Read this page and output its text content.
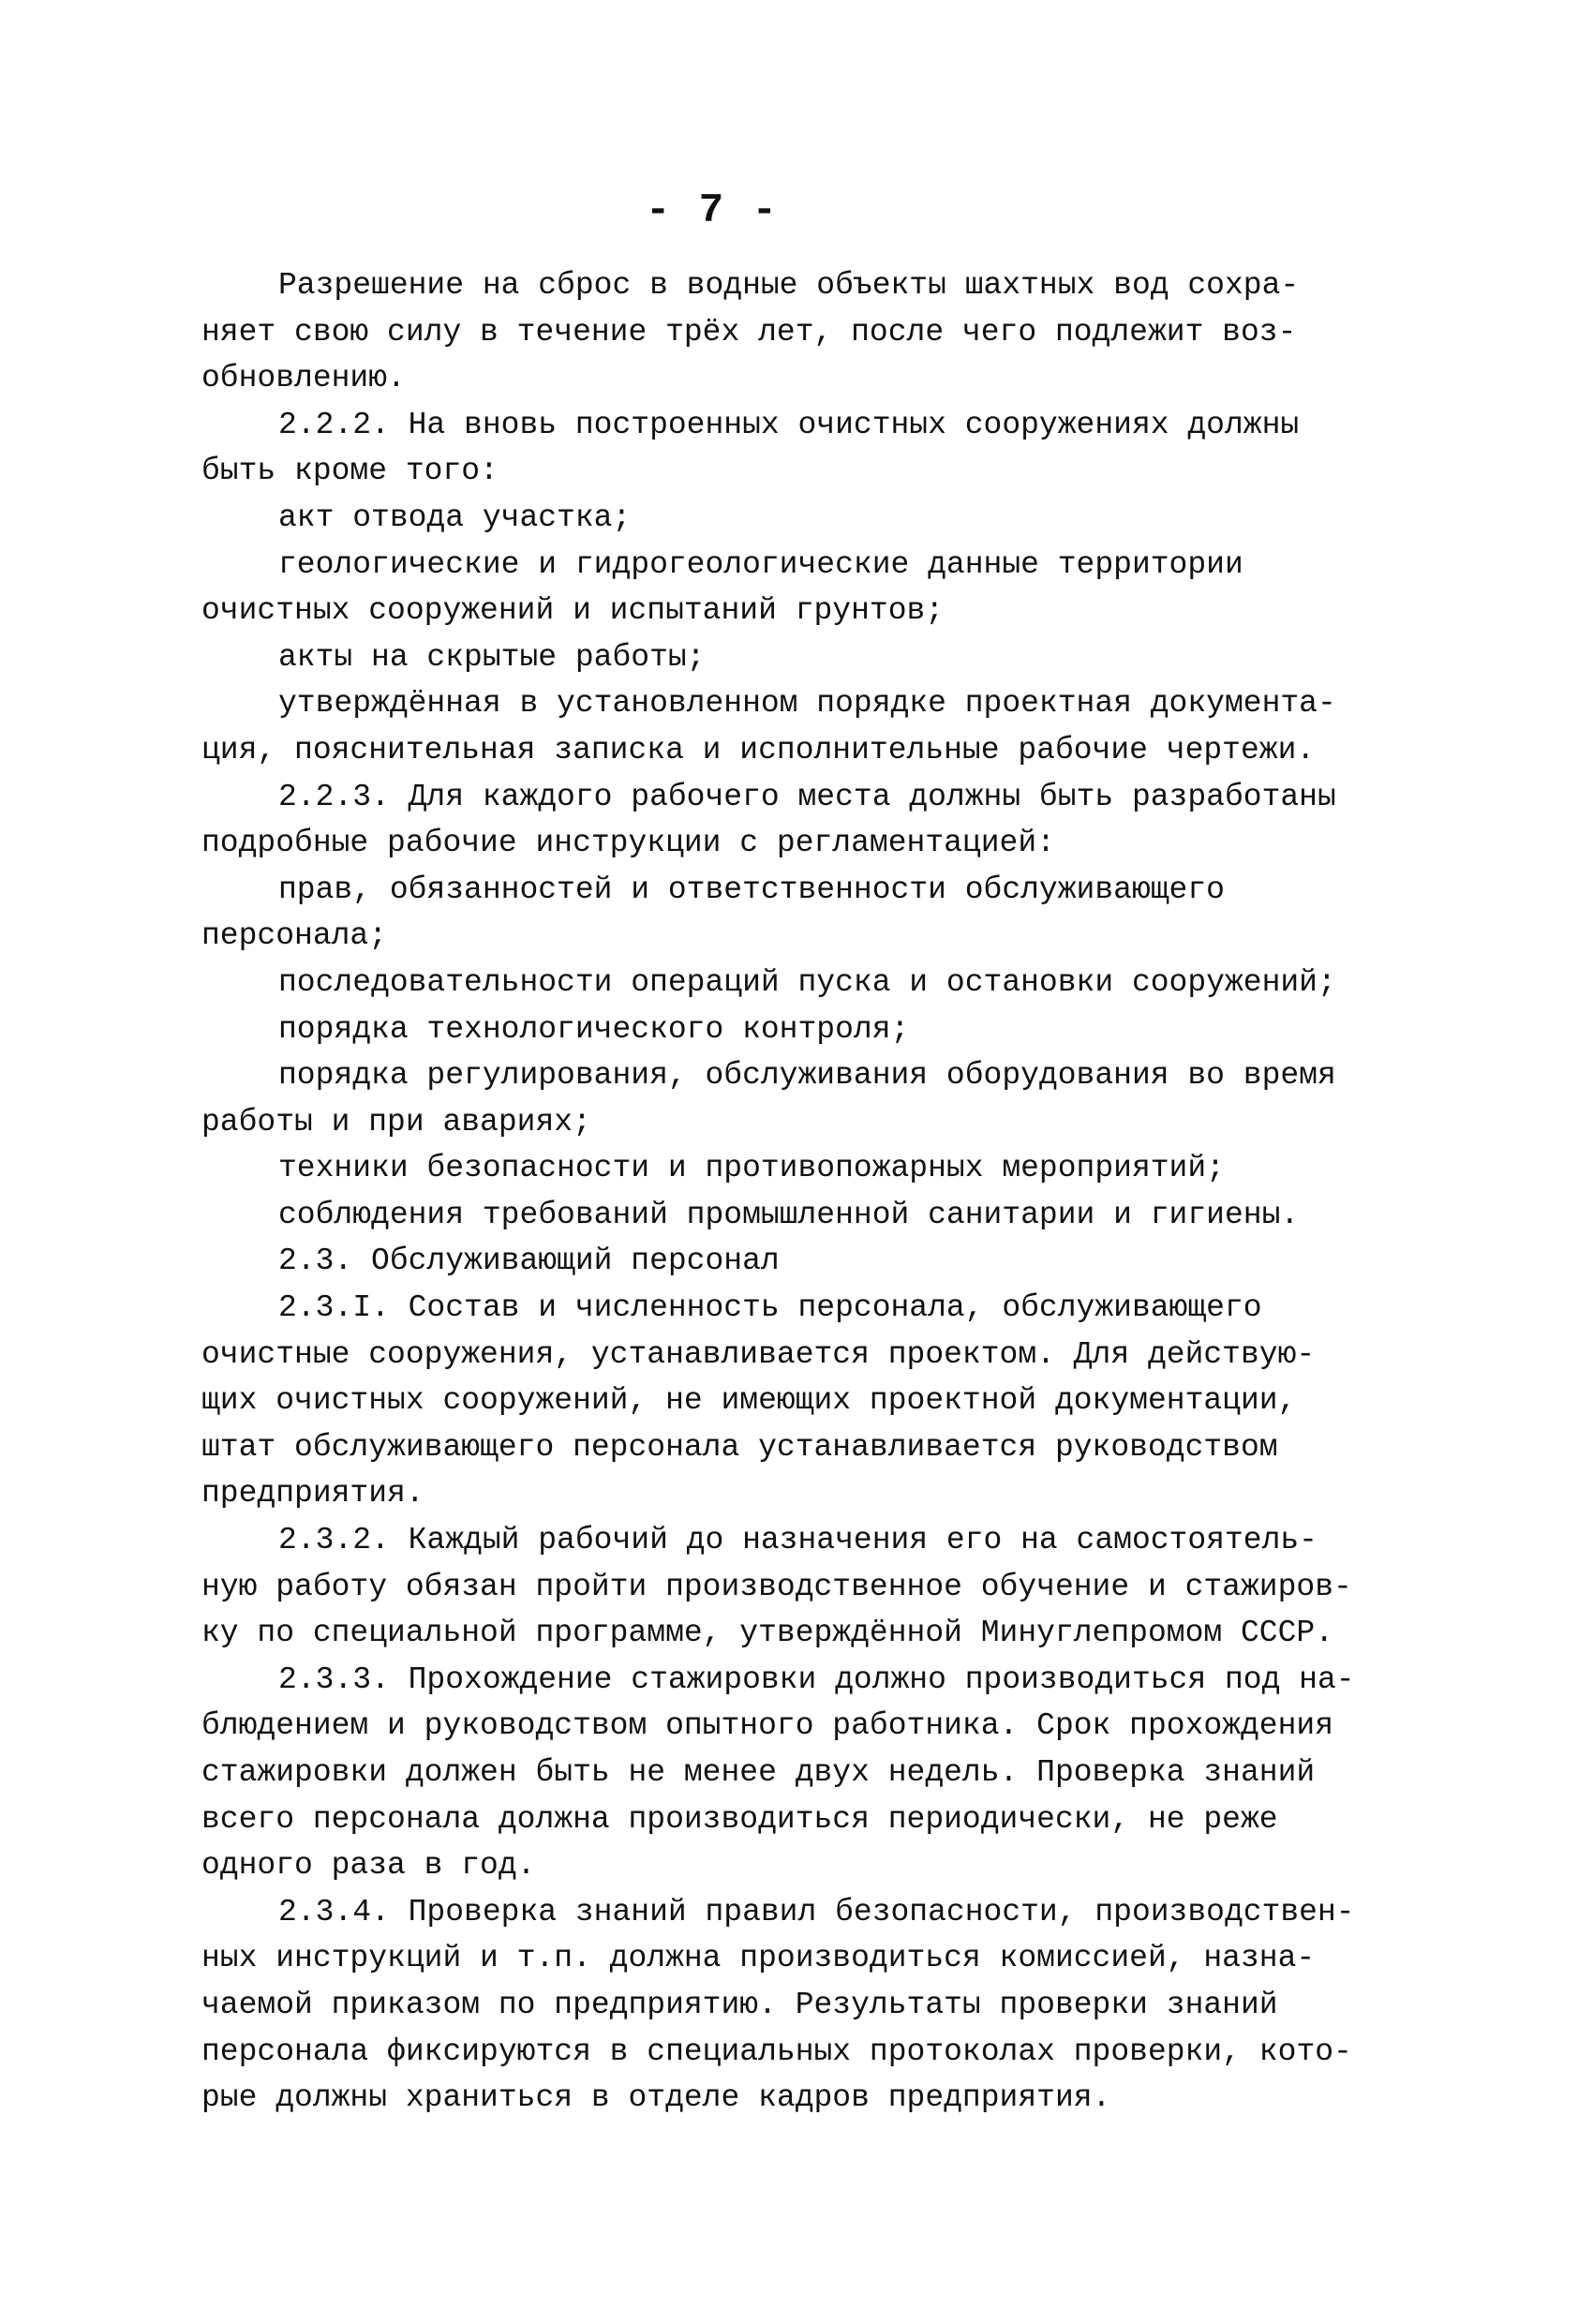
- 7 -
Разрешение на сброс в водные объекты шахтных вод сохра-
няет свою силу в течение трёх лет, после чего подлежит воз-
обновлению.
2.2.2. На вновь построенных очистных сооружениях должны
быть кроме того:
акт отвода участка;
геологические и гидрогеологические данные территории
очистных сооружений и испытаний грунтов;
акты на скрытые работы;
утверждённая в установленном порядке проектная документа-
ция, пояснительная записка и исполнительные рабочие чертежи.
2.2.3. Для каждого рабочего места должны быть разработаны
подробные рабочие инструкции с регламентацией:
прав, обязанностей и ответственности обслуживающего
персонала;
последовательности операций пуска и остановки сооружений;
порядка технологического контроля;
порядка регулирования, обслуживания оборудования во время
работы и при авариях;
техники безопасности и противопожарных мероприятий;
соблюдения требований промышленной санитарии и гигиены.
2.3. Обслуживающий персонал
2.3.I. Состав и численность персонала, обслуживающего
очистные сооружения, устанавливается проектом. Для действую-
щих очистных сооружений, не имеющих проектной документации,
штат обслуживающего персонала устанавливается руководством
предприятия.
2.3.2. Каждый рабочий до назначения его на самостоятель-
ную работу обязан пройти производственное обучение и стажиров-
ку по специальной программе, утверждённой Минуглепромом СССР.
2.3.3. Прохождение стажировки должно производиться под на-
блюдением и руководством опытного работника. Срок прохождения
стажировки должен быть не менее двух недель. Проверка знаний
всего персонала должна производиться периодически, не реже
одного раза в год.
2.3.4. Проверка знаний правил безопасности, производствен-
ных инструкций и т.п. должна производиться комиссией, назна-
чаемой приказом по предприятию. Результаты проверки знаний
персонала фиксируются в специальных протоколах проверки, кото-
рые должны храниться в отделе кадров предприятия.
